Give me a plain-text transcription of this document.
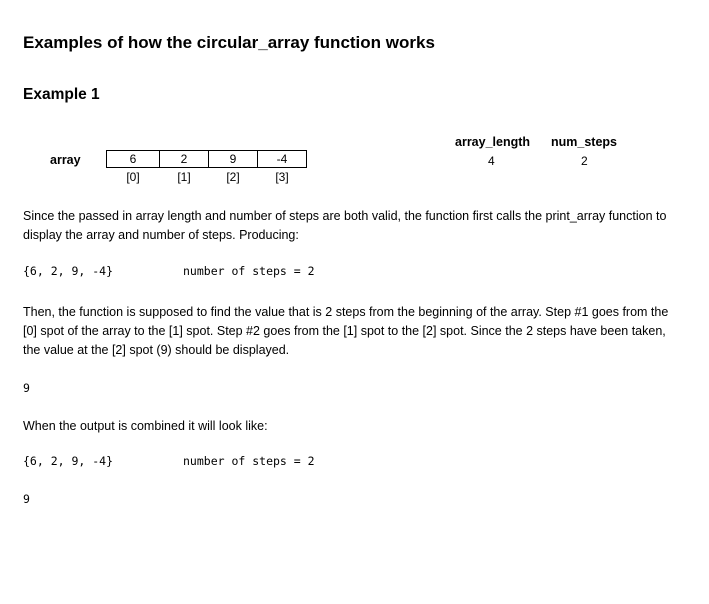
Examples of how the circular_array function works
Example 1
array	6	2	9	-4
[0]	[1]	[2]	[3]
array_length num_steps
4	2
Since the passed in array length and number of steps are both valid, the function first calls the print_array function to display the array and number of steps. Producing:
{6, 2, 9, -4}	number of steps = 2
Then, the function is supposed to find the value that is 2 steps from the beginning of the array. Step #1 goes from the [0] spot of the array to the [1] spot. Step #2 goes from the [1] spot to the [2] spot. Since the 2 steps have been taken, the value at the [2] spot (9) should be displayed.
9
When the output is combined it will look like:
{6, 2, 9, -4}	number of steps = 2
9
